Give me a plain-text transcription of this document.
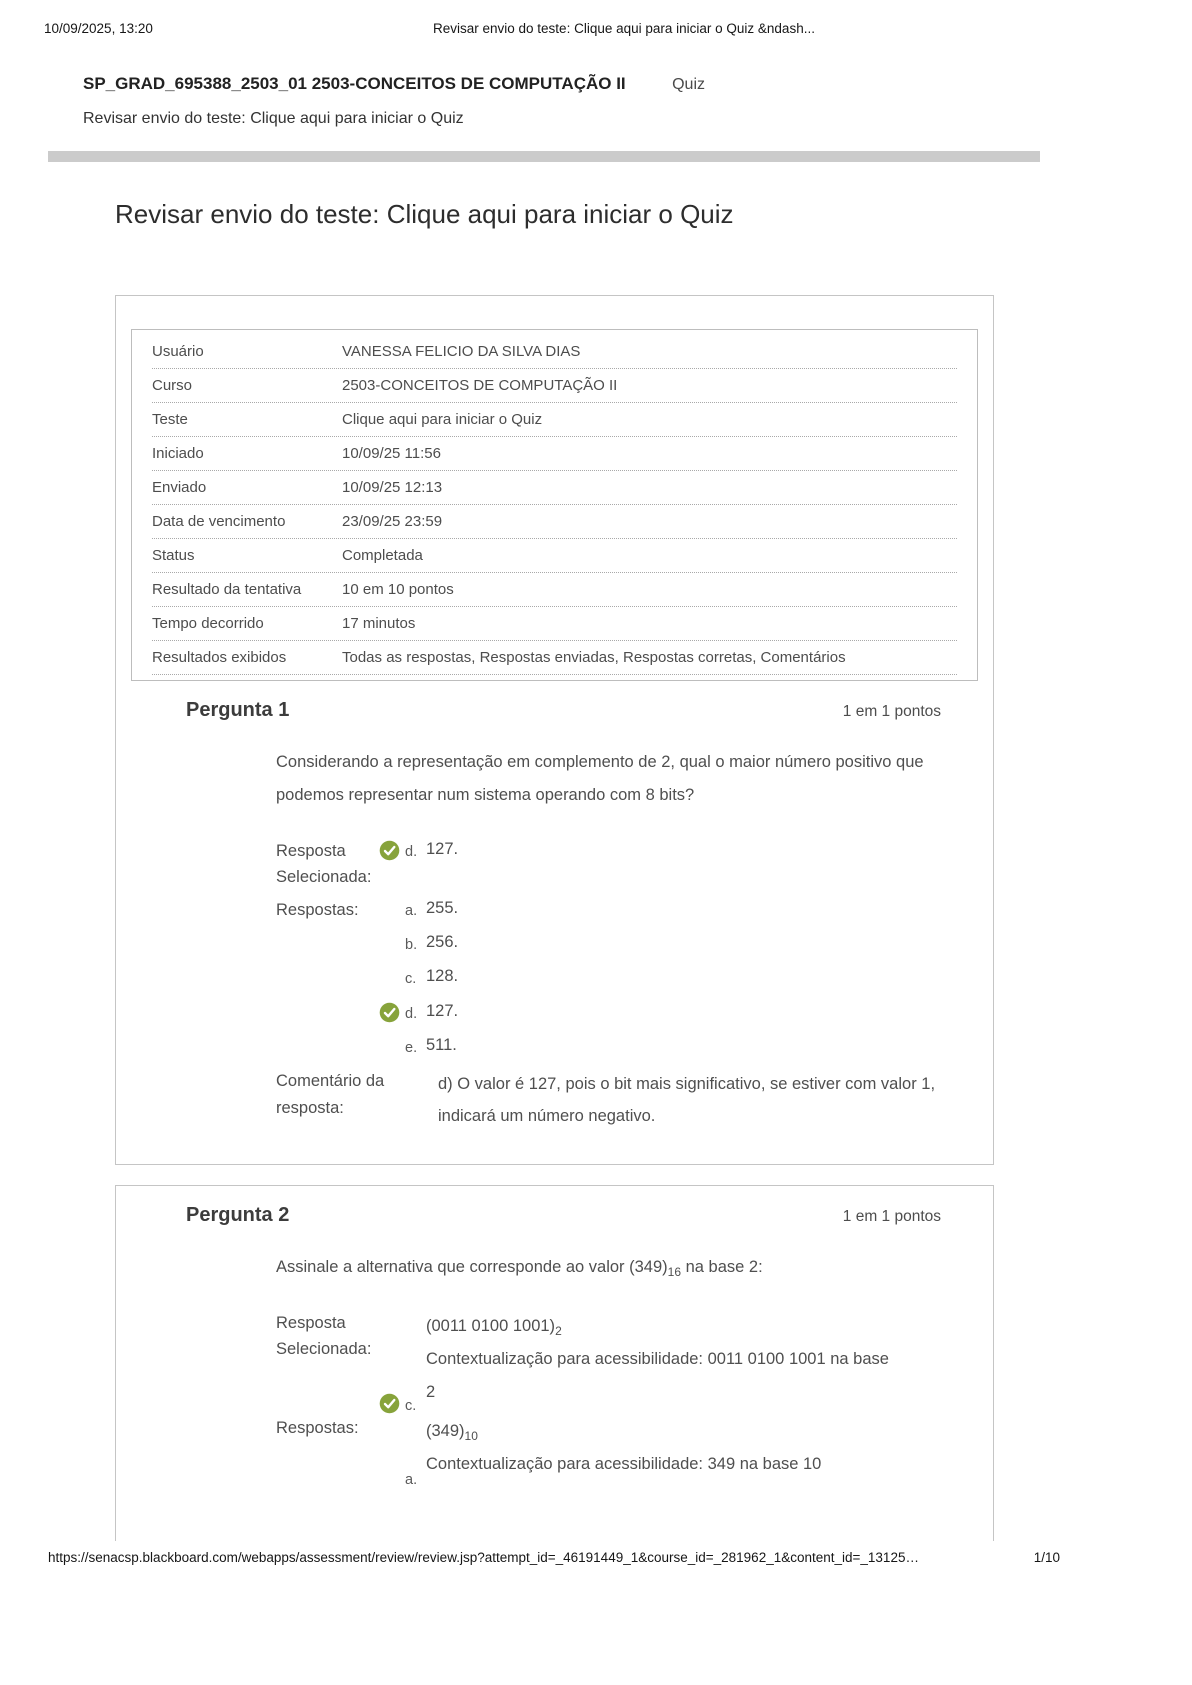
10/09/2025, 13:20	Revisar envio do teste: Clique aqui para iniciar o Quiz &ndash...
SP_GRAD_695388_2503_01 2503-CONCEITOS DE COMPUTAÇÃO II	Quiz
Revisar envio do teste: Clique aqui para iniciar o Quiz
Revisar envio do teste: Clique aqui para iniciar o Quiz
Usuário	VANESSA FELICIO DA SILVA DIAS
Curso	2503-CONCEITOS DE COMPUTAÇÃO II
Teste	Clique aqui para iniciar o Quiz
Iniciado	10/09/25 11:56
Enviado	10/09/25 12:13
Data de vencimento	23/09/25 23:59
Status	Completada
Resultado da tentativa	10 em 10 pontos
Tempo decorrido	17 minutos
Resultados exibidos	Todas as respostas, Respostas enviadas, Respostas corretas, Comentários
Pergunta 1	1 em 1 pontos
Considerando a representação em complemento de 2, qual o maior número positivo que podemos representar num sistema operando com 8 bits?
Resposta Selecionada:
d. 127.
Respostas:	a. 255.
b. 256.
c. 128.
d. 127.
e. 511.
Comentário da resposta:
d) O valor é 127, pois o bit mais significativo, se estiver com valor 1, indicará um número negativo.
Pergunta 2	1 em 1 pontos
Assinale a alternativa que corresponde ao valor $(349)_{16}$ na base 2:
Resposta Selecionada:
c.
(0011 0100 $1001)_2$
Contextualização para acessibilidade: 0011 0100 1001 na base 2
Respostas:
a.
$(349)_{10}$
Contextualização para acessibilidade: 349 na base 10
https://senacsp.blackboard.com/webapps/assessment/review/review.jsp?attempt_id=_46191449_1&course_id=_281962_1&content_id=_13125…	1/10
